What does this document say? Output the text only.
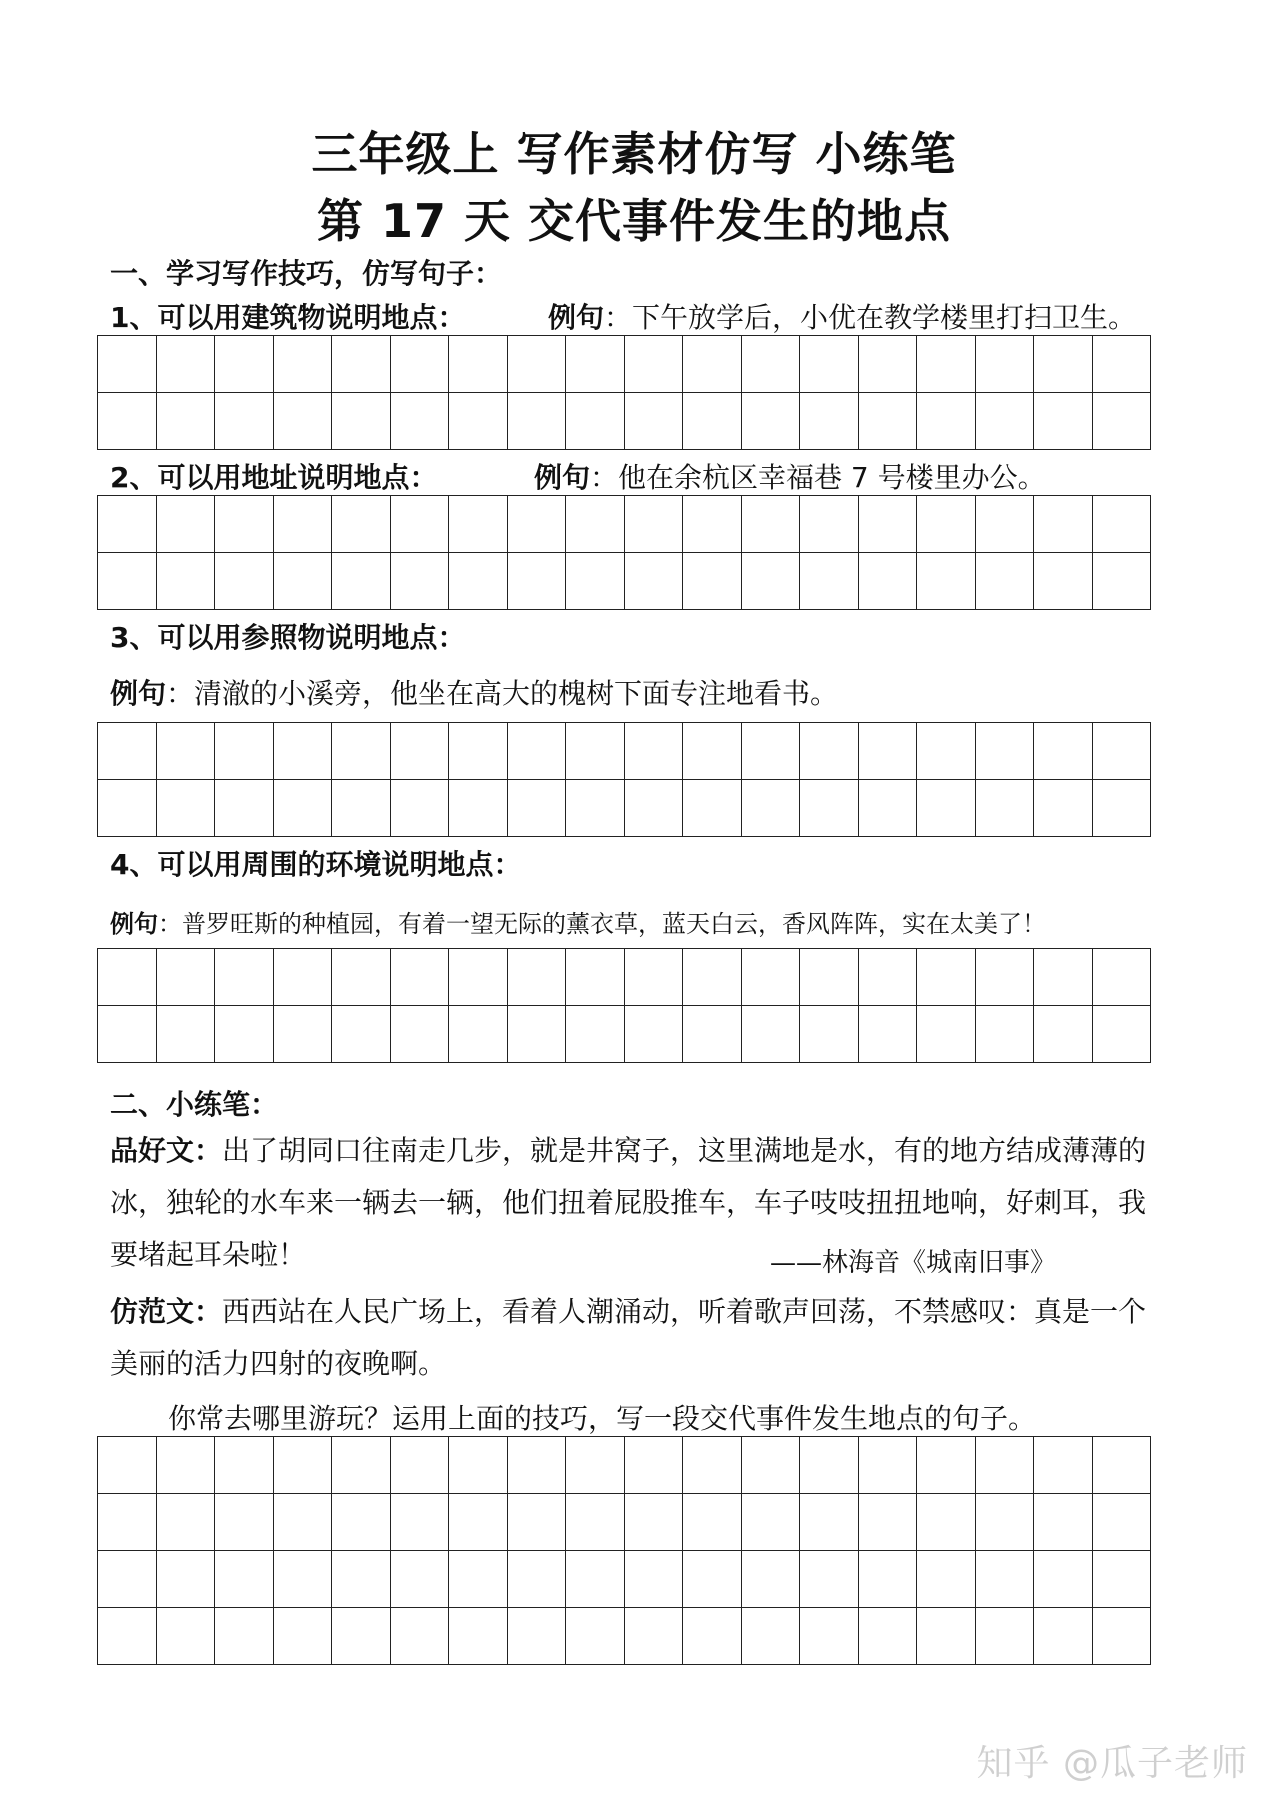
三年级上 写作素材仿写 小练笔
第 17 天 交代事件发生的地点
一、学习写作技巧，仿写句子：
1、可以用建筑物说明地点：	例句：下午放学后，小优在教学楼里打扫卫生。
2、可以用地址说明地点：	例句：他在余杭区幸福巷 7 号楼里办公。
3、可以用参照物说明地点：
例句：清澈的小溪旁，他坐在高大的槐树下面专注地看书。
4、可以用周围的环境说明地点：
例句：普罗旺斯的种植园，有着一望无际的薰衣草，蓝天白云，香风阵阵，实在太美了！
二、小练笔：
品好文：出了胡同口往南走几步，就是井窝子，这里满地是水，有的地方结成薄薄的冰，独轮的水车来一辆去一辆，他们扭着屁股推车，车子吱吱扭扭地响，好刺耳，我要堵起耳朵啦！	——林海音《城南旧事》
仿范文：西西站在人民广场上，看着人潮涌动，听着歌声回荡，不禁感叹：真是一个美丽的活力四射的夜晚啊。
你常去哪里游玩？运用上面的技巧，写一段交代事件发生地点的句子。
知乎 @瓜子老师
